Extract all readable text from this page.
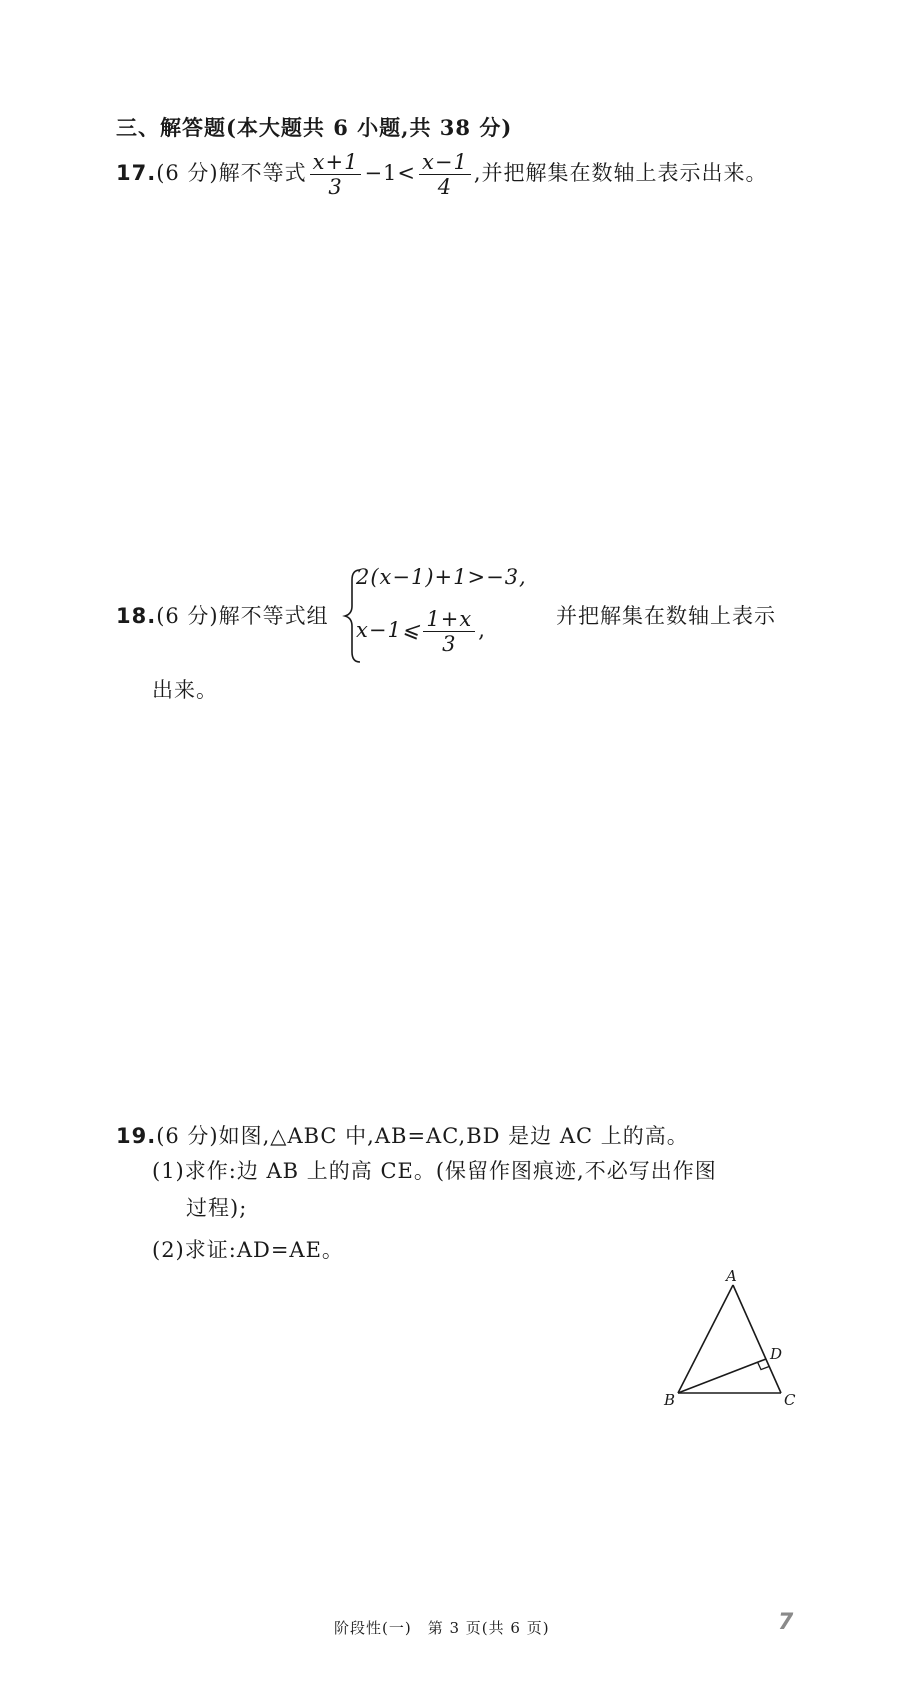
三、解答题(本大题共 6 小题,共 38 分)
17.(6 分)解不等式 $\frac{x+1}{3} -1< \frac{x-1}{4}$ ,并把解集在数轴上表示出来。
18.(6 分)解不等式组
2(x−1)+1>−3,
x−1⩽ $\frac{1+x}{3}$ ,
并把解集在数轴上表示
出来。
19.(6 分)如图,△ABC 中,AB=AC,BD 是边 AC 上的高。
(1)求作:边 AB 上的高 CE。(保留作图痕迹,不必写出作图
过程);
(2)求证:AD=AE。
A
B	C
D
阶段性(一)　第 3 页(共 6 页)	7
